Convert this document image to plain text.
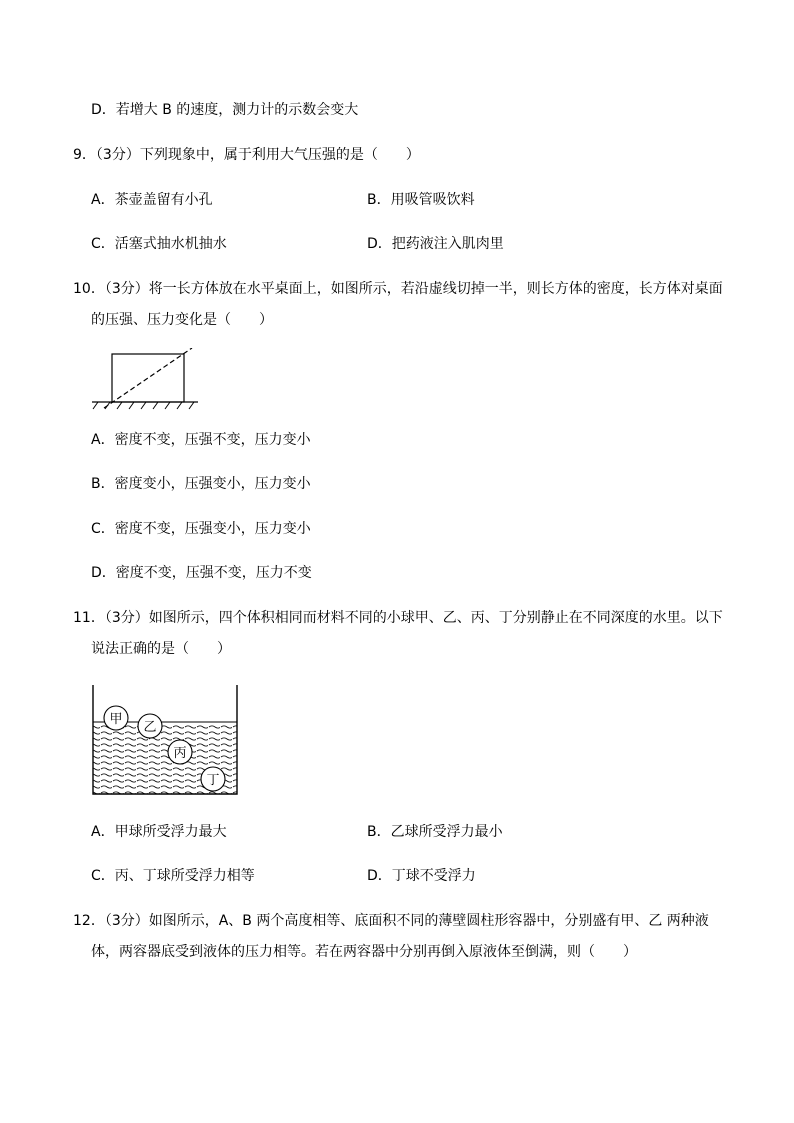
D．若增大 B 的速度，测力计的示数会变大
9．（3分）下列现象中，属于利用大气压强的是（　　）
A．茶壶盖留有小孔	B．用吸管吸饮料
C．活塞式抽水机抽水	D．把药液注入肌肉里
10．（3分）将一长方体放在水平桌面上，如图所示，若沿虚线切掉一半，则长方体的密度，长方体对桌面
的压强、压力变化是（　　）
A．密度不变，压强不变，压力变小
B．密度变小，压强变小，压力变小
C．密度不变，压强变小，压力变小
D．密度不变，压强不变，压力不变
11．（3分）如图所示，四个体积相同而材料不同的小球甲、乙、丙、丁分别静止在不同深度的水里。以下
说法正确的是（　　）
甲
乙
丙
丁
A．甲球所受浮力最大	B．乙球所受浮力最小
C．丙、丁球所受浮力相等	D．丁球不受浮力
12．（3分）如图所示，A、B 两个高度相等、底面积不同的薄壁圆柱形容器中，分别盛有甲、乙 两种液
体，两容器底受到液体的压力相等。若在两容器中分别再倒入原液体至倒满，则（　　）
